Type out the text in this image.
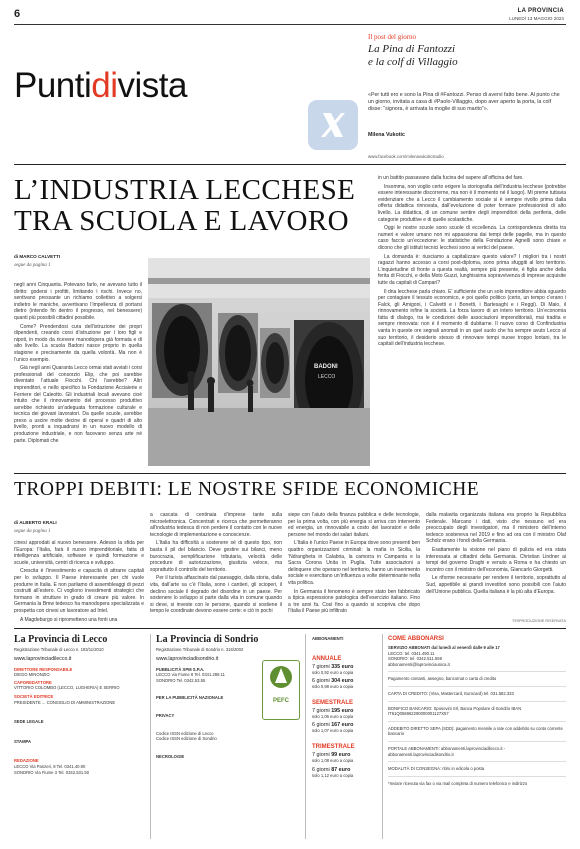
6	LA PROVINCIA
LUNEDÌ 13 MAGGIO 2024
Puntidivista
Il post del giorno
La Pina di Fantozzi
e la colf di Villaggio
«Per tutti ero e sono la Pina di #Fantozzi. Penso di avervi fatto bene. Al punto che un giorno, invitata a casa di #Paolo-Villaggio, dopo aver aperto la porta, la colf disse: “signora, è arrivata la moglie di suo marito”».
Milena Vukotic
www.facebook.com/milenavukoticstudio
L’INDUSTRIA LECCHESE
TRA SCUOLA E LAVORO
di MARCO CALVETTI
segue da pagina 1

negli anni Cinquanta. Potevano farlo, ne avevano tutto il diritto: godersi i profitti, limitando i rischi. Invece no, sentivano pressante un richiamo collettivo a volgersi indietro le maniche, avvertivano l’impellenza di portarsi dietro (intendo fin dentro il progresso, nel benessere) quanti più possibili cittadini possibile.

Come? Prendendosi cura dell’istruzione dei propri dipendenti, creando corsi d’istruzione per i loro figli e nipoti, in modo da ricevere manodopera già formata e di alto livello. La scuola Badoni nasce proprio in quella stagione e precisamente da quella volontà. Ma non è l’unico esempio.

Già negli anni Quaranta Lecco ormai stati avviati i corsi professionali del consorzio Elip, che poi sarebbe diventato l’attuale Fiocchi. Chi l’avrebbe? Altri imprenditori, e nello specifico la Fondazione Acciaierie e Ferriere del Caleotto. Gli industriali locali avevano cioè intuito che il rinnovamento del processo produttivo avrebbe richiesto un’adeguata formazione culturale e tecnica dei giovani lavoratori. Da quelle scuole, avrebbe preso a uscire molte decine di operai e quadri di alto livello, pronti a inquadrarsi in un nuovo modello di produzione industriale, e non facevano senza arte né parte. Diplomati che

BADONI
LECCO

in un battito passavano dalla fucina del sapere all’officina del fare.

Insomma, non voglio certo erigere la storiografia dell’industria lecchese (potrebbe essere interessante discorrerne, ma non è il momento né il luogo). Mi preme tuttavia evidenziare che a Lecco il cambiamento sociale si è sempre rivolto prima dalla offerta didattica rinnovata, dall’evoluzione di poter formare professionisti di alto livello. La didattica, di un comune sentire degli imprenditori della periferia, delle categorie produttive e di quelle scolastiche.

Oggi le nostre scuole sono scuole di eccellenza. La corrispondenza diretta tra numeri e valore umano non mi appassiona dai tempi delle pagelle, ma in questo caso faccio un’eccezione: le statistiche della Fondazione Agnelli sono chiare e dicono che gli istituti tecnici lecchesi sono ai vertici del paese.

La domanda è: riusciamo a capitalizzare questo valore? I migliori tra i nostri ragazzi hanno accesso a corsi post-diploma, sono prima sfuggiti al loro territorio. L’inquietudine di fronte a questa realtà, sempre più presente, è figlia anche della ferita di Fiocchi, e della Moto Guzzi, lunghissima sopravvivenza di imprese acquisite tutte da capitali di Campari?

Il dna lecchese parla chiaro. E’ sufficiente che un solo imprenditore abbia sguardo per contagiare il tessuto economico, e poi quello politico (certo, un tempo c’erano i Falck, gli Amigoni, i Calvetti e i Bonetti, i Bartesaghi e i Reggi). Di Maio, il rinnovamento infine la società. La forza lavoro di un intero territorio. Un’economia fatta di dialogo, tra le condizioni delle associazioni imprenditoriali, mai tradita e sempre rinnovata: non è il momento di dubitarne. Il nuovo corso di Confindustria vanta in queste ore segnali anomali in un quel suolo che ha sempre avuto Lecco al suo territorio, il desiderio stesso di rinnovare tempi nuove troppo lontani, tra le capitali dell’industria lecchese.

TROPPI DEBITI: LE NOSTRE SFIDE ECONOMICHE
di ALBERTO KRALI
segue da pagina 1

cinesi approdati al nuovo benessere. Adesso la sfida per l’Europa: l’Italia, farà il nuovo imprenditoriale, fatta di intelligenza artificiale, software e quindi formazione e scuole, università, centri di ricerca e sviluppo.

Crescita è l’investimento e capacità di attrarre capitali per lo sviluppo. Il Paese interessante per chi vuole produrre in Italia. E non parliamo di assembleaggi di pezzi costruiti all’estero. Ci vogliono investimenti strategici che formano in strutture in grado di creare più valore. In Germania la Bmw tedesco ha manodopera specializzata e prospetta con cinesi un lavoratore ad Intel.

A Magdeburgo si riprometteno una fonti una

a cascata di centinaia d’imprese tante sulla microelettronica. Concentrati e ricerca che permetteranno all’industria tedesca di non perdere il contatto con le nuove tecnologie di implementazione e conoscenze.

L’Italia ha difficoltà a sostenere sé di questo tipo, non basta il pil del bilancio. Deve gestire sui bilanci, meno burocrazia, semplificazione tributaria, velocità delle procedure di autorizzazione, giustizia veloce, ma soprattutto il controllo del territorio.

Per il turista affascinato dal paesaggio, dalla storia, dalla vita, dall’arte sa c’è l’Italia, sono i cantieri, gli scioperi, il declino sociale il degrado del disordine in un paese. Per sostenere lo sviluppo si parte dalla vita in comune quando si deve, si investe con le persone, quando si sostiene il tempo le coordinate devono essere certe: e ciò in pochi

siepe con l’aiuto della finanza pubblica e delle tecnologie, per la prima volta, con più energia si arriva con intervento ed energia, un rinnovabile a costo dei lavoratori e delle persone nel mondo dei salari italiani.

L’Italia è l’unico Paese in Europa dove sono presenti ben quattro organizzazioni criminali: la mafia in Sicilia, la ’Ndrangheta in Calabria, la camorra in Campania e la Sacra Corona Unita in Puglia. Tutte associazioni a delinquere che operano nel territorio, hanno un inserimento sociale e esercitano un’influenza a volte determinante nella vita politica.

In Germania il fenomeno è sempre stato ben fabbricato a tipica espressione patologica dell’esercizio italiano. Fino a tre anni fa. Così fino a quando si scopriva che dopo l’Italia il Paese più infiltrato

dalla malavita organizzata italiana era proprio la Repubblica Federale. Marcano i dati, visto che nessuno ed era preoccupato degli investigatori, ma il ministero dell’interno tedesco sosteneva nel 2019 e fino ad ora con il ministro Olaf Scholz erano i fondi della Germania.

Esattamente la visione nel piano di pulizia ed era stata interessata ai cittadini della Germania. Christian Lindner ai tempi del governo Draghi e venuto a Roma e ha chiesto un incontro con il ministro dell’economia, Giancarlo Giorgetti.

Le riforme necessarie per rendere il territorio, soprattutto al Sud, appetibile ai grandi investitori sono possibili con l’aiuto dell’Unione pubblica. Quella italiana è la più alta d’Europa.

©RIPRODUZIONE RISERVATA
La Provincia di Lecco
Registrazione Tribunale di Lecco n. 193/11/2010
www.laprovinciadilecco.it
DIRETTORE RESPONSABILE
DIEGO MINONZIO
CAPOREDATTORE
VITTORIO COLOMBO (LECCO, LUGHERIA) E SERRIO
SOCIETÀ EDITRICE
PRESIDENTE ... CONSIGLIO DI AMMINISTRAZIONE
SEDE LEGALE
STAMPA
REDAZIONE
LECCO Via Panzeri, 8 Tel. 0341.40.90
SONDRIO Via Fiume 3 Tel. 0342.531.50
La Provincia di Sondrio
Registrazione Tribunale di Sondrio n. 316/2002
www.laprovinciadisondrio.it
PUBBLICITÀ SPM S.P.A.
LECCO via Fiume 8 Tel. 0341.288.11
SONDRIO Tel. 0342.53.55
PER LA PUBBLICITÀ NAZIONALE
PRIVACY
Codice ISSN edizione di Lecco
Codice ISSN edizione di Sondrio
NECROLOGIE
PEFC
ABBONAMENTI
ANNUALE
7 giorni 335 euro
solo 0,92 euro a copia
6 giorni 304 euro
solo 0,98 euro a copia
SEMESTRALE
7 giorni 195 euro
solo 1,06 euro a copia
6 giorni 167 euro
solo 1,07 euro a copia
TRIMESTRALE
7 giorni 99 euro
solo 1,08 euro a copia
6 giorni 87 euro
solo 1,12 euro a copia
COME ABBONARSI
SERVIZIO ABBONATI dal lunedì al venerdì dalle 9 alle 17
LECCO: tel. 0341.490.11
SONDRIO: tel. 0342.511.559
abbonamenti@laprovinciaunica.it
Pagamento contanti, assegno, bancomat o carta di credito
CARTA DI CREDITO: (Visa, Mastercard, Eurocard) tel. 031.582.333
BONIFICO BANCARIO: Sposovini Srl, Banca Popolare di Sondrio IBAN IT61Q056962290000001127X57
ADDEBITO DIRETTO SEPA (SDD): pagamento mensile a rate con addebito su conto corrente bancario
PORTALE ABBONAMENTI: abbonamenti.laprovinciadilecco.it - abbonamenti.laprovinciadisondrio.it
MODALITÀ DI CONSEGNA: ritiro in edicola o posta
*Inviare ricevuta via fax o via mail completa di numero telefonico e indirizzo
